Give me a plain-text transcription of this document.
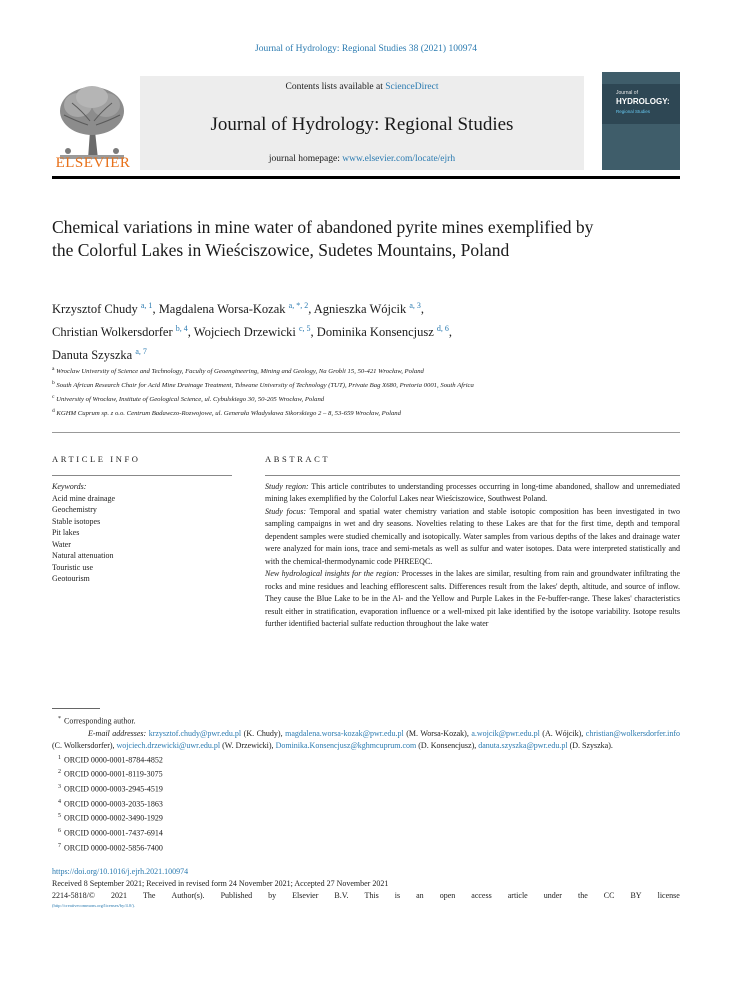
Journal of Hydrology: Regional Studies 38 (2021) 100974
ELSEVIER
Contents lists available at ScienceDirect
Journal of Hydrology: Regional Studies
journal homepage: www.elsevier.com/locate/ejrh
Journal of
HYDROLOGY:
Regional Studies
Chemical variations in mine water of abandoned pyrite mines exemplified by the Colorful Lakes in Wieściszowice, Sudetes Mountains, Poland
Krzysztof Chudy $^{a, 1}$, Magdalena Worsa-Kozak $^{a, *, 2}$, Agnieszka Wójcik $^{a, 3}$,
Christian Wolkersdorfer $^{b, 4}$, Wojciech Drzewicki $^{c, 5}$, Dominika Konsencjusz $^{d, 6}$,
Danuta Szyszka $^{a, 7}$
$^a$ Wroclaw University of Science and Technology, Faculty of Geoengineering, Mining and Geology, Na Grobli 15, 50-421 Wrocław, Poland
$^b$ South African Research Chair for Acid Mine Drainage Treatment, Tshwane University of Technology (TUT), Private Bag X680, Pretoria 0001, South Africa
$^c$ University of Wrocław, Institute of Geological Science, ul. Cybulskiego 30, 50-205 Wrocław, Poland
$^d$ KGHM Cuprum sp. z o.o. Centrum Badawczo-Rozwojowe, ul. Generała Władysława Sikorskiego 2 – 8, 53-659 Wrocław, Poland
ARTICLE INFO
Keywords:
Acid mine drainage
Geochemistry
Stable isotopes
Pit lakes
Water
Natural attenuation
Touristic use
Geotourism
ABSTRACT

Study region: This article contributes to understanding processes occurring in long-time abandoned, shallow and unremediated mining lakes exemplified by the Colorful Lakes near Wieściszowice, Southwest Poland.

Study focus: Temporal and spatial water chemistry variation and stable isotopic composition has been investigated in two sampling campaigns in wet and dry seasons. Novelties relating to these Lakes are that for the first time, depth and temporal dependent samples were studied chemically and isotopically. Water samples from various depths of the lakes and drainage water were analyzed for main ions, trace and semi-metals as well as sulfur and water isotopes. Data were interpreted statistically and with the chemical-thermodynamic code PHREEQC.

New hydrological insights for the region: Processes in the lakes are similar, resulting from rain and groundwater infiltrating the rocks and mine residues and leaching efflorescent salts. Differences result from the lakes' depth, altitude, and source of inflow. They cause the Blue Lake to be in the Al- and the Yellow and Purple Lakes in the Fe-buffer-range. These lakes' characteristics result either in stratification, evaporation influence or a well-mixed pit lake identified by the isotope variability. Isotope results further identified bacterial sulfate reduction throughout the lake water

* Corresponding author.
E-mail addresses: krzysztof.chudy@pwr.edu.pl (K. Chudy), magdalena.worsa-kozak@pwr.edu.pl (M. Worsa-Kozak), a.wojcik@pwr.edu.pl (A. Wójcik), christian@wolkersdorfer.info (C. Wolkersdorfer), wojciech.drzewicki@uwr.edu.pl (W. Drzewicki), Dominika.Konsencjusz@kghmcuprum.com (D. Konsencjusz), danuta.szyszka@pwr.edu.pl (D. Szyszka).
$^1$ ORCID 0000-0001-8784-4852
$^2$ ORCID 0000-0001-8119-3075
$^3$ ORCID 0000-0003-2945-4519
$^4$ ORCID 0000-0003-2035-1863
$^5$ ORCID 0000-0002-3490-1929
$^6$ ORCID 0000-0001-7437-6914
$^7$ ORCID 0000-0002-5856-7400
https://doi.org/10.1016/j.ejrh.2021.100974
Received 8 September 2021; Received in revised form 24 November 2021; Accepted 27 November 2021
2214-5818/© 2021 The Author(s). Published by Elsevier B.V. This is an open access article under the CC BY license
(http://creativecommons.org/licenses/by/4.0/).
